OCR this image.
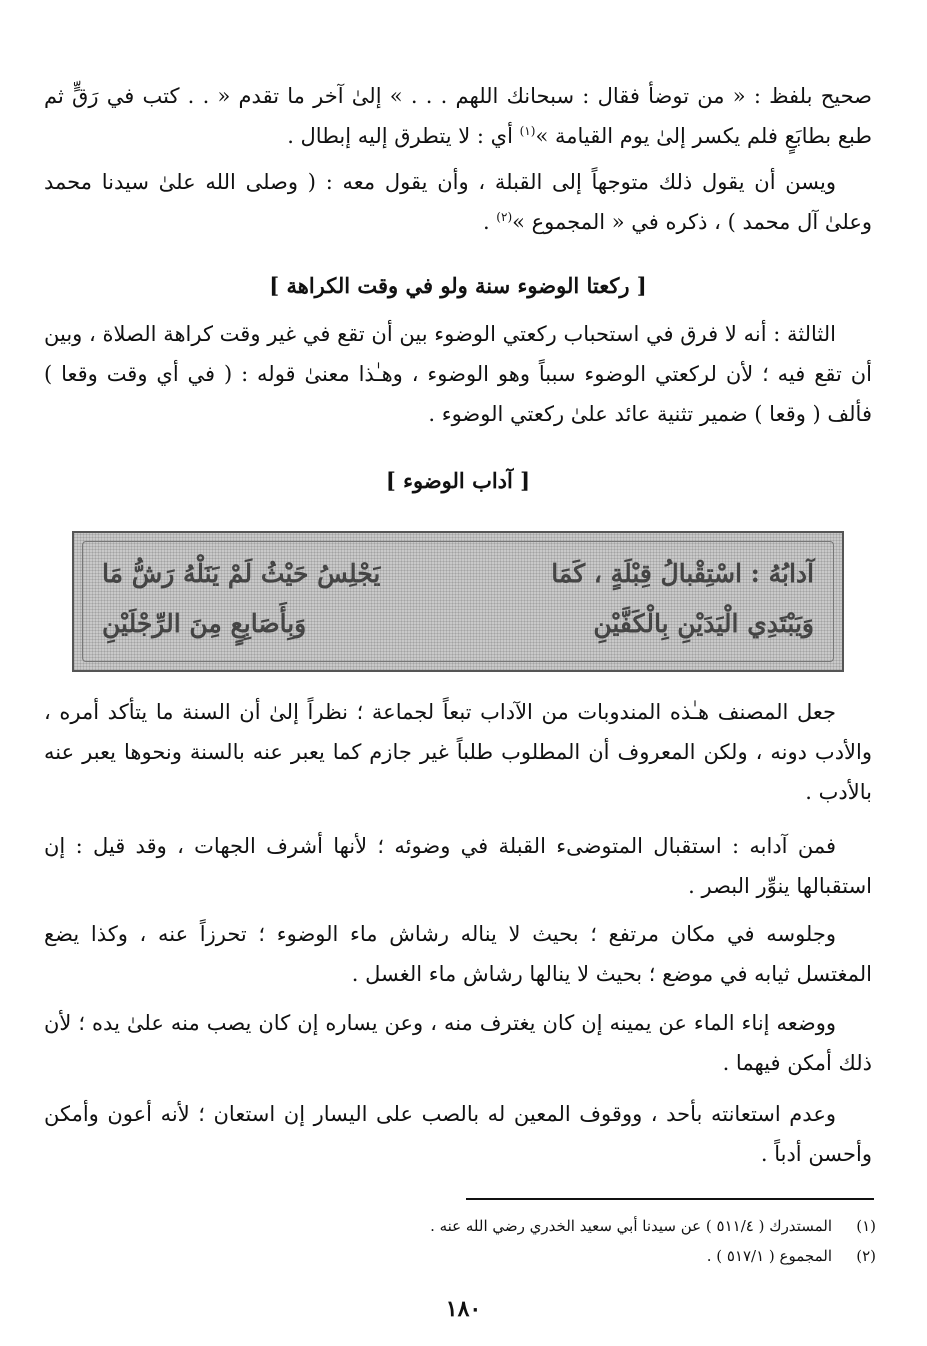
صحيح بلفظ : « من توضأ فقال : سبحانك اللهم . . . » إلىٰ آخر ما تقدم « . . كتب في رَقٍّ ثم طبع بطابَعٍ فلم يكسر إلىٰ يوم القيامة »$^{(١)}$ أي : لا يتطرق إليه إبطال .

ويسن أن يقول ذلك متوجهاً إلى القبلة ، وأن يقول معه : ( وصلى الله علىٰ سيدنا محمد وعلىٰ آل محمد ) ، ذكره في « المجموع »$^{(٢)}$ .

[ ركعتا الوضوء سنة ولو في وقت الكراهة ]

الثالثة : أنه لا فرق في استحباب ركعتي الوضوء بين أن تقع في غير وقت كراهة الصلاة ، وبين أن تقع فيه ؛ لأن لركعتي الوضوء سبباً وهو الوضوء ، وهـٰذا معنىٰ قوله : ( في أي وقت وقعا ) فألف ( وقعا ) ضمير تثنية عائد علىٰ ركعتي الوضوء .

[ آداب الوضوء ]

آدابُهُ : اسْتِقْبالُ قِبْلَةٍ ، كَمَا
يَجْلِسُ حَيْثُ لَمْ يَنَلْهُ رَشُّ مَا
وَيَبْتَدِي الْيَدَيْنِ بِالْكَفَّيْنِ
وَبِأَصَابِعٍ مِنَ الرِّجْلَيْنِ

جعل المصنف هـٰذه المندوبات من الآداب تبعاً لجماعة ؛ نظراً إلىٰ أن السنة ما يتأكد أمره ، والأدب دونه ، ولكن المعروف أن المطلوب طلباً غير جازم كما يعبر عنه بالسنة ونحوها يعبر عنه بالأدب .

فمن آدابه : استقبال المتوضىء القبلة في وضوئه ؛ لأنها أشرف الجهات ، وقد قيل : إن استقبالها ينوِّر البصر .

وجلوسه في مكان مرتفع ؛ بحيث لا يناله رشاش ماء الوضوء ؛ تحرزاً عنه ، وكذا يضع المغتسل ثيابه في موضع ؛ بحيث لا ينالها رشاش ماء الغسل .

ووضعه إناء الماء عن يمينه إن كان يغترف منه ، وعن يساره إن كان يصب منه علىٰ يده ؛ لأن ذلك أمكن فيهما .

وعدم استعانته بأحد ، ووقوف المعين له بالصب على اليسار إن استعان ؛ لأنه أعون وأمكن وأحسن أدباً .

(١)
المستدرك ( ٥١١/٤ ) عن سيدنا أبي سعيد الخدري رضي الله عنه .
(٢)
المجموع ( ٥١٧/١ ) .
١٨٠
